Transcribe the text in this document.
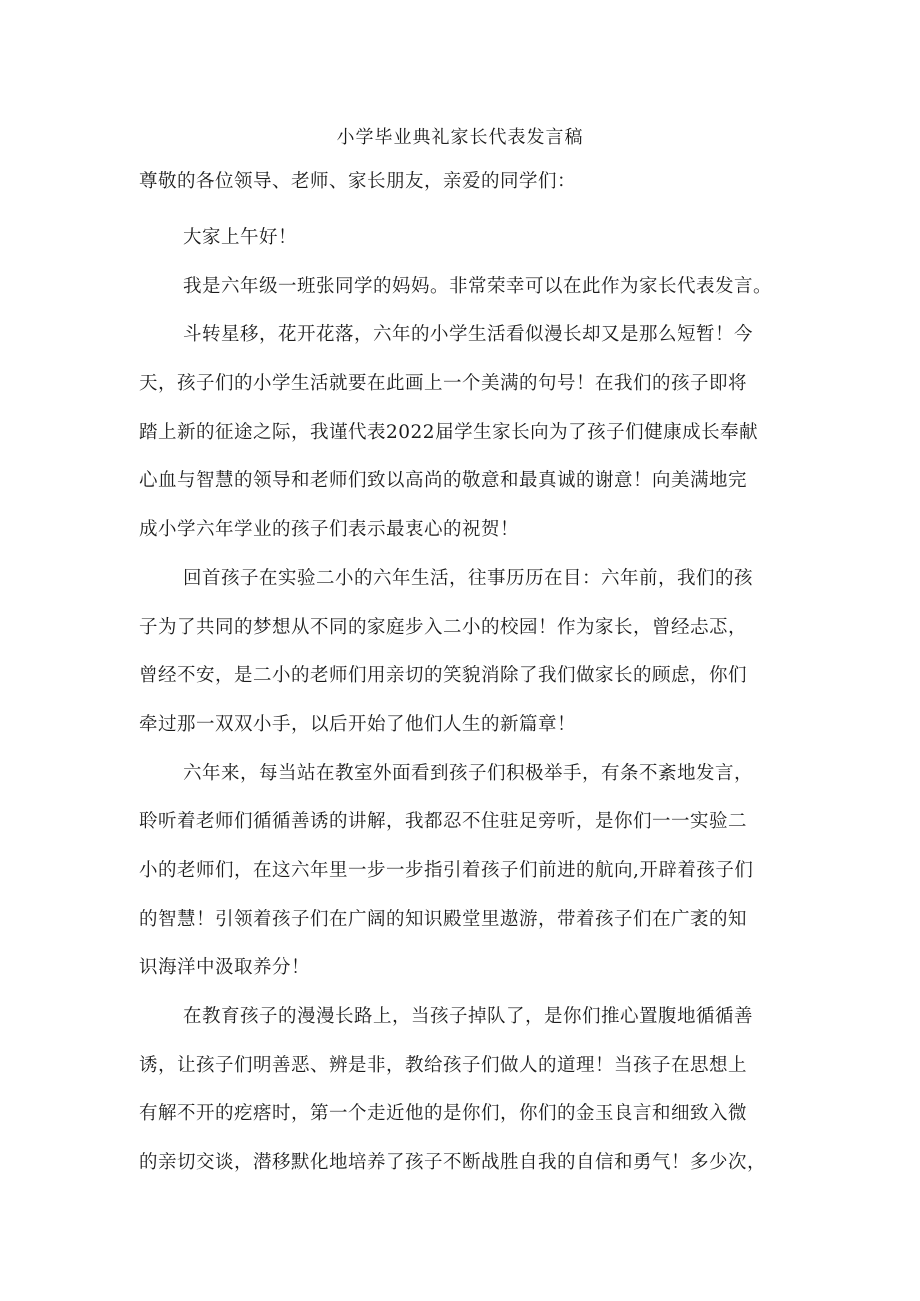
小学毕业典礼家长代表发言稿
尊敬的各位领导、老师、家长朋友，亲爱的同学们：

大家上午好！

我是六年级一班张同学的妈妈。非常荣幸可以在此作为家长代表发言。

斗转星移，花开花落，六年的小学生活看似漫长却又是那么短暂！今
天，孩子们的小学生活就要在此画上一个美满的句号！在我们的孩子即将
踏上新的征途之际，我谨代表2022届学生家长向为了孩子们健康成长奉献
心血与智慧的领导和老师们致以高尚的敬意和最真诚的谢意！向美满地完
成小学六年学业的孩子们表示最衷心的祝贺！

回首孩子在实验二小的六年生活，往事历历在目：六年前，我们的孩
子为了共同的梦想从不同的家庭步入二小的校园！作为家长，曾经忐忑，
曾经不安，是二小的老师们用亲切的笑貌消除了我们做家长的顾虑，你们
牵过那一双双小手，以后开始了他们人生的新篇章！

六年来，每当站在教室外面看到孩子们积极举手，有条不紊地发言，
聆听着老师们循循善诱的讲解，我都忍不住驻足旁听，是你们一一实验二
小的老师们，在这六年里一步一步指引着孩子们前进的航向,开辟着孩子们
的智慧！引领着孩子们在广阔的知识殿堂里遨游，带着孩子们在广袤的知
识海洋中汲取养分！

在教育孩子的漫漫长路上，当孩子掉队了，是你们推心置腹地循循善
诱，让孩子们明善恶、辨是非，教给孩子们做人的道理！当孩子在思想上
有解不开的疙瘩时，第一个走近他的是你们，你们的金玉良言和细致入微
的亲切交谈，潜移默化地培养了孩子不断战胜自我的自信和勇气！多少次，
